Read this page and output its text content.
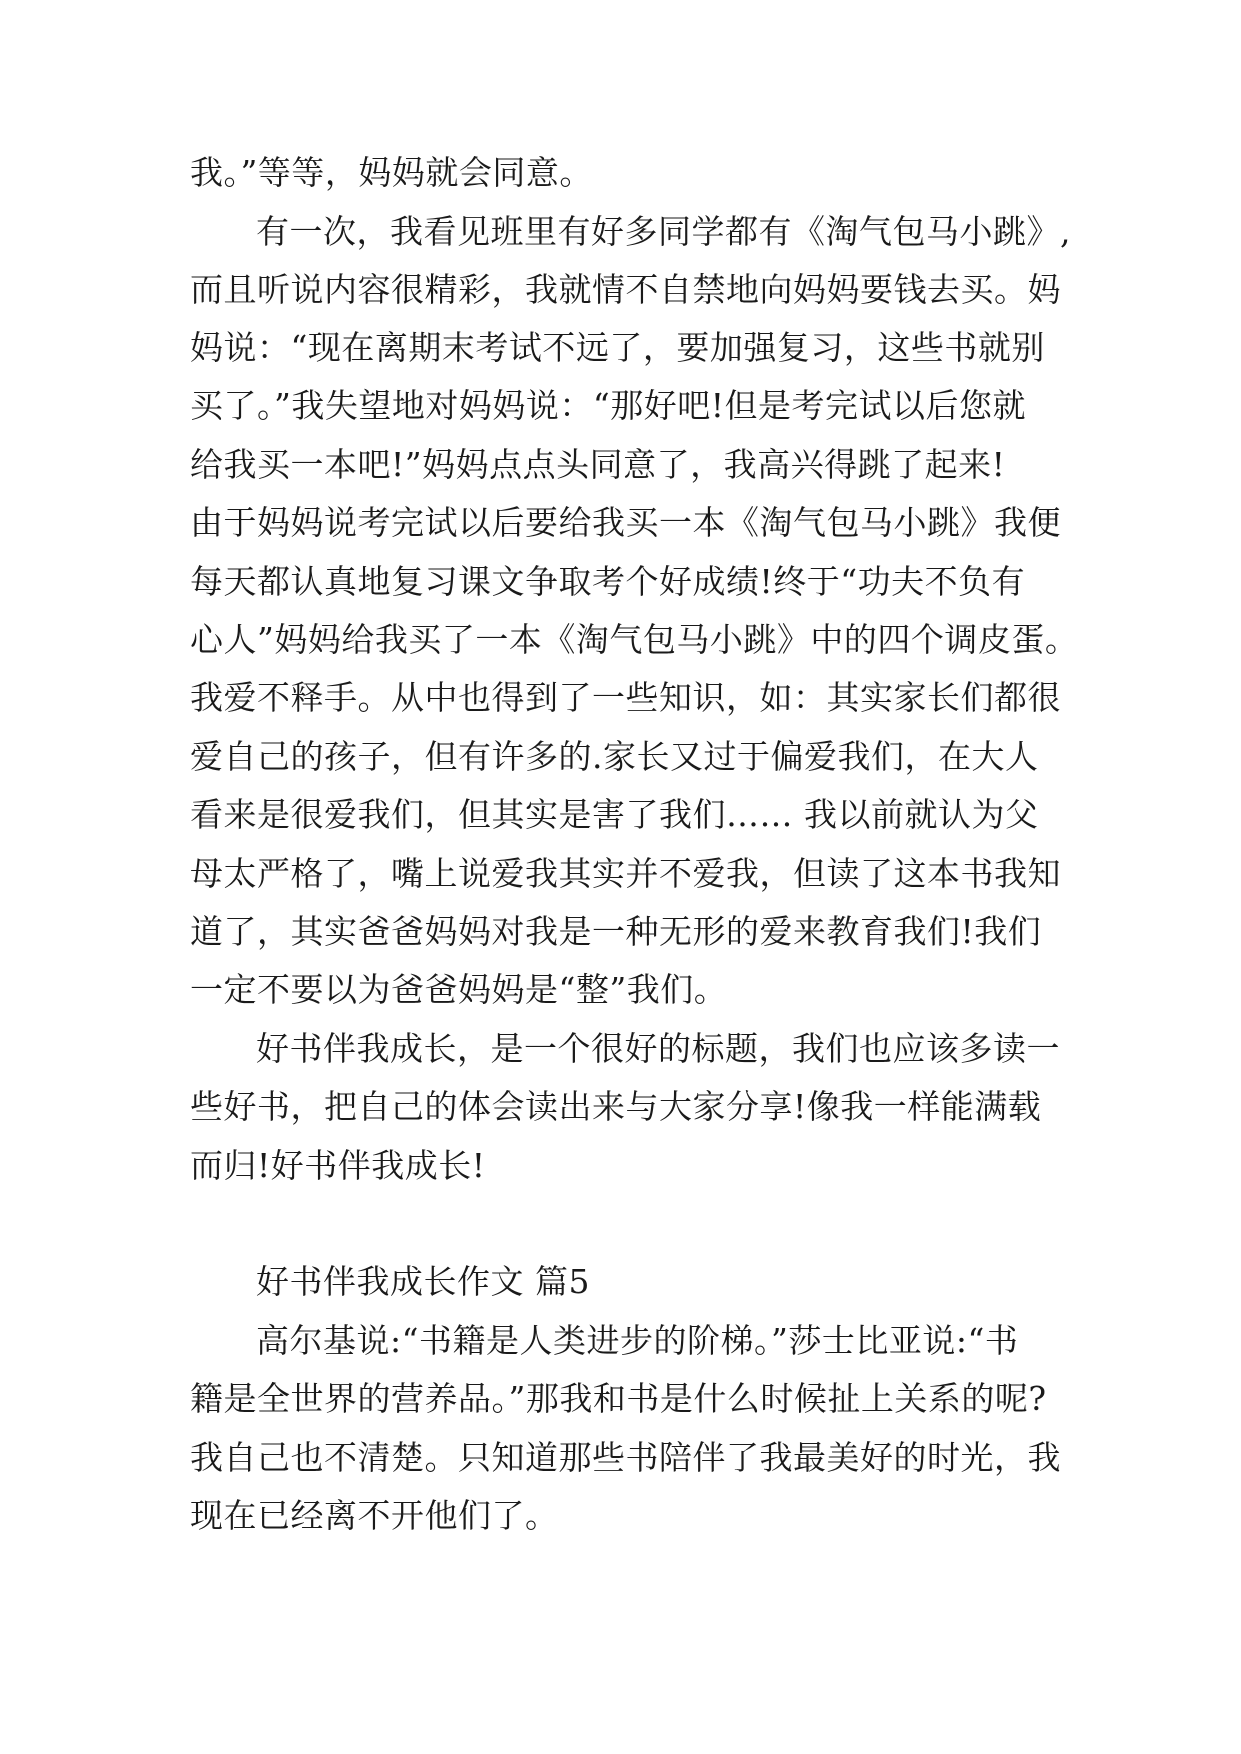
我。”等等，妈妈就会同意。
有一次，我看见班里有好多同学都有《淘气包马小跳》,
而且听说内容很精彩，我就情不自禁地向妈妈要钱去买。妈
妈说：“现在离期末考试不远了，要加强复习，这些书就别
买了。”我失望地对妈妈说：“那好吧!但是考完试以后您就
给我买一本吧!”妈妈点点头同意了，我高兴得跳了起来!
由于妈妈说考完试以后要给我买一本《淘气包马小跳》我便
每天都认真地复习课文争取考个好成绩!终于“功夫不负有
心人”妈妈给我买了一本《淘气包马小跳》中的四个调皮蛋。
我爱不释手。从中也得到了一些知识，如：其实家长们都很
爱自己的孩子，但有许多的.家长又过于偏爱我们，在大人
看来是很爱我们，但其实是害了我们…… 我以前就认为父
母太严格了，嘴上说爱我其实并不爱我，但读了这本书我知
道了，其实爸爸妈妈对我是一种无形的爱来教育我们!我们
一定不要以为爸爸妈妈是“整”我们。
好书伴我成长，是一个很好的标题，我们也应该多读一
些好书，把自己的体会读出来与大家分享!像我一样能满载
而归!好书伴我成长!
好书伴我成长作文 篇5
高尔基说:“书籍是人类进步的阶梯。”莎士比亚说:“书
籍是全世界的营养品。”那我和书是什么时候扯上关系的呢?
我自己也不清楚。只知道那些书陪伴了我最美好的时光，我
现在已经离不开他们了。
